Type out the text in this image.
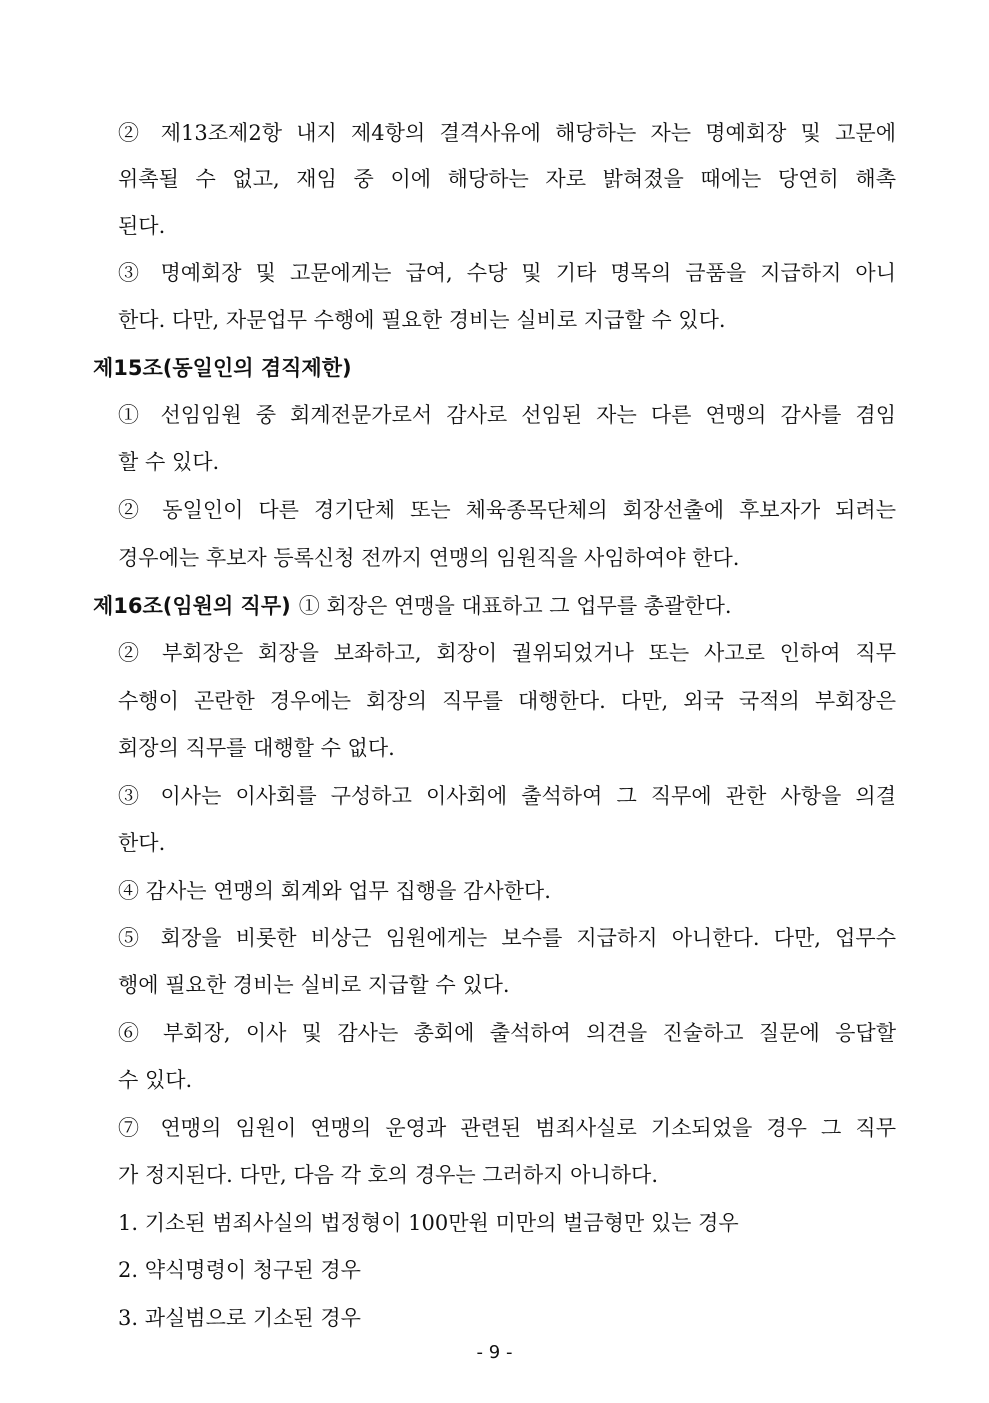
② 제13조제2항 내지 제4항의 결격사유에 해당하는 자는 명예회장 및 고문에
위촉될 수 없고, 재임 중 이에 해당하는 자로 밝혀졌을 때에는 당연히 해촉
된다.
③ 명예회장 및 고문에게는 급여, 수당 및 기타 명목의 금품을 지급하지 아니
한다. 다만, 자문업무 수행에 필요한 경비는 실비로 지급할 수 있다.
제15조(동일인의 겸직제한)
① 선임임원 중 회계전문가로서 감사로 선임된 자는 다른 연맹의 감사를 겸임
할 수 있다.
② 동일인이 다른 경기단체 또는 체육종목단체의 회장선출에 후보자가 되려는
경우에는 후보자 등록신청 전까지 연맹의 임원직을 사임하여야 한다.
제16조(임원의 직무) ① 회장은 연맹을 대표하고 그 업무를 총괄한다.
② 부회장은 회장을 보좌하고, 회장이 궐위되었거나 또는 사고로 인하여 직무
수행이 곤란한 경우에는 회장의 직무를 대행한다. 다만, 외국 국적의 부회장은
회장의 직무를 대행할 수 없다.
③ 이사는 이사회를 구성하고 이사회에 출석하여 그 직무에 관한 사항을 의결
한다.
④ 감사는 연맹의 회계와 업무 집행을 감사한다.
⑤ 회장을 비롯한 비상근 임원에게는 보수를 지급하지 아니한다. 다만, 업무수
행에 필요한 경비는 실비로 지급할 수 있다.
⑥ 부회장, 이사 및 감사는 총회에 출석하여 의견을 진술하고 질문에 응답할
수 있다.
⑦ 연맹의 임원이 연맹의 운영과 관련된 범죄사실로 기소되었을 경우 그 직무
가 정지된다. 다만, 다음 각 호의 경우는 그러하지 아니하다.
1. 기소된 범죄사실의 법정형이 100만원 미만의 벌금형만 있는 경우
2. 약식명령이 청구된 경우
3. 과실범으로 기소된 경우
- 9 -
